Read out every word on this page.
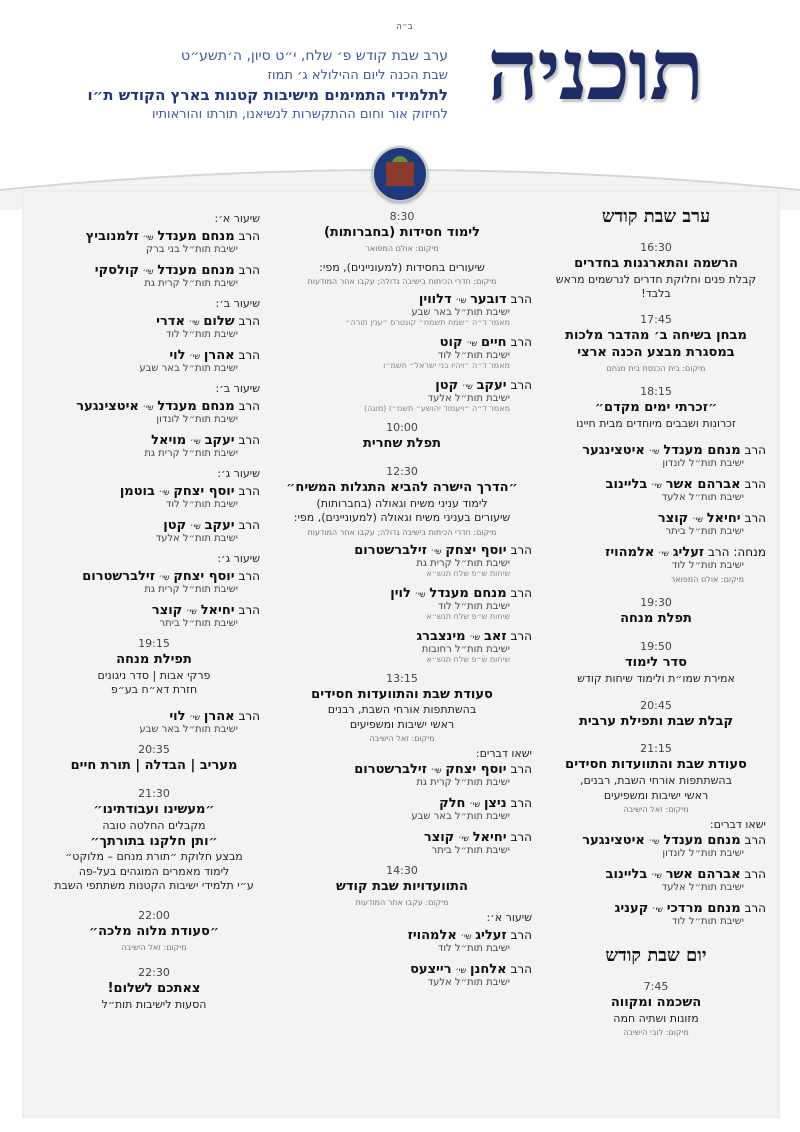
ב״ה תוכניה
ערב שבת קודש פ׳ שלח, י״ט סיון, ה׳תשע״ט
שבת הכנה ליום ההילולא ג׳ תמוז
לתלמידי התמימים מישיבות קטנות בארץ הקודש ת״ו
לחיזוק אור וחום ההתקשרות לנשיאנו, תורתו והוראותיו
ערב שבת קודש
16:30
הרשמה והתארגנות בחדרים
קבלת פנים וחלוקת חדרים לנרשמים מראש בלבד!
17:45
מבחן בשיחה ב׳ מהדבר מלכות
במסגרת מבצע הכנה ארצי
מיקום: בית הכנסת בית מנחם
18:15
״זכרתי ימים מקדם״
זכרונות ושבבים מיוחדים מבית חיינו
הרב מנחם מענדל שי׳ איטצינגער
ישיבת תות״ל לונדון
הרב אברהם אשר שי׳ בליינוב
ישיבת תות״ל אלעד
הרב יחיאל שי׳ קוצר
ישיבת תות״ל ביתר
מנחה: הרב זעליג שי׳ אלמהויז
ישיבת תות״ל לוד
מיקום: אולם המפואר
19:30
תפלת מנחה
19:50
סדר לימוד
אמירת שמו״ת ולימוד שיחות קודש
20:45
קבלת שבת ותפילת ערבית
21:15
סעודת שבת והתוועדות חסידים
בהשתתפות אורחי השבת, רבנים,
ראשי ישיבות ומשפיעים
מיקום: זאל הישיבה
ישאו דברים:
הרב מנחם מענדל שי׳ איטצינגער
ישיבת תות״ל לונדון
הרב אברהם אשר שי׳ בליינוב
ישיבת תות״ל אלעד
הרב מנחם מרדכי שי׳ קעניג
ישיבת תות״ל לוד
יום שבת קודש
7:45
השכמה ומקווה
מזונות ושתיה חמה
מיקום: לובי הישיבה
8:30
לימוד חסידות (בחברותות)
מיקום: אולם המפואר
שיעורים בחסידות (למעוניינים), מפי:
מיקום: חדרי הכיתות בישיבה גדולה; עקבו אחר המודעות
הרב דובער שי׳ דלווין
ישיבת תות״ל באר שבע
מאמר ד״ה ״שמח תשמח״ קונטרס ״ענין תורה״
הרב חיים שי׳ קוט
ישיבת תות״ל לוד
מאמר ד״ה ״ויהיו בני ישראל״ תשמ״ו
הרב יעקב שי׳ קטן
ישיבת תות״ל אלעד
מאמר ד״ה ״ויעמוד יהושע״ תשמ״ז (מוגה)
10:00
תפלת שחרית
12:30
״הדרך הישרה להביא התגלות המשיח״
לימוד עניני משיח וגאולה (בחברותות)
שיעורים בעניני משיח וגאולה (למעוניינים), מפי:
מיקום: חדרי הכיתות בישיבה גדולה; עקבו אחר המודעות
הרב יוסף יצחק שי׳ זילברשטרום
ישיבת תות״ל קרית גת
שיחות ש״פ שלח תנש״א
הרב מנחם מענדל שי׳ לוין
ישיבת תות״ל לוד
שיחות ש״פ שלח תנש״א
הרב זאב שי׳ מינצברג
ישיבת תות״ל רחובות
שיחות ש״פ שלח תנש״א
13:15
סעודת שבת והתוועדות חסידים
בהשתתפות אורחי השבת, רבנים
ראשי ישיבות ומשפיעים
מיקום: זאל הישיבה
ישאו דברים:
הרב יוסף יצחק שי׳ זילברשטרום
ישיבת תות״ל קרית גת
הרב ניצן שי׳ חלק
ישיבת תות״ל באר שבע
הרב יחיאל שי׳ קוצר
ישיבת תות״ל ביתר
14:30
התוועדויות שבת קודש
מיקום: עקבו אחר המודעות
שיעור א׳:
הרב זעליג שי׳ אלמהויז
ישיבת תות״ל לוד
הרב אלחנן שי׳ רייצעס
ישיבת תות״ל אלעד
שיעור א׳:
הרב מנחם מענדל שי׳ זלמנוביץ
ישיבת תות״ל בני ברק
הרב מנחם מענדל שי׳ קולסקי
ישיבת תות״ל קרית גת
שיעור ב׳:
הרב שלום שי׳ אדרי
ישיבת תות״ל לוד
הרב אהרן שי׳ לוי
ישיבת תות״ל באר שבע
שיעור ב׳:
הרב מנחם מענדל שי׳ איטצינגער
ישיבת תות״ל לונדון
הרב יעקב שי׳ מויאל
ישיבת תות״ל קרית גת
שיעור ג׳:
הרב יוסף יצחק שי׳ בוטמן
ישיבת תות״ל לוד
הרב יעקב שי׳ קטן
ישיבת תות״ל אלעד
שיעור ג׳:
הרב יוסף יצחק שי׳ זילברשטרום
ישיבת תות״ל קרית גת
הרב יחיאל שי׳ קוצר
ישיבת תות״ל ביתר
19:15
תפילת מנחה
פרקי אבות | סדר ניגונים
חזרת דא״ח בע״פ
הרב אהרן שי׳ לוי
ישיבת תות״ל באר שבע
20:35
מעריב | הבדלה | תורת חיים
21:30
״מעשינו ועבודתינו״
מקבלים החלטה טובה
״ותן חלקנו בתורתך״
מבצע חלוקת ״תורת מנחם – מלוקט״
לימוד מאמרים המוגהים בעל-פה
ע״י תלמידי ישיבות הקטנות משתתפי השבת
22:00
״סעודת מלוה מלכה״
מיקום: זאל הישיבה
22:30
צאתכם לשלום!
הסעות לישיבות תות״ל
